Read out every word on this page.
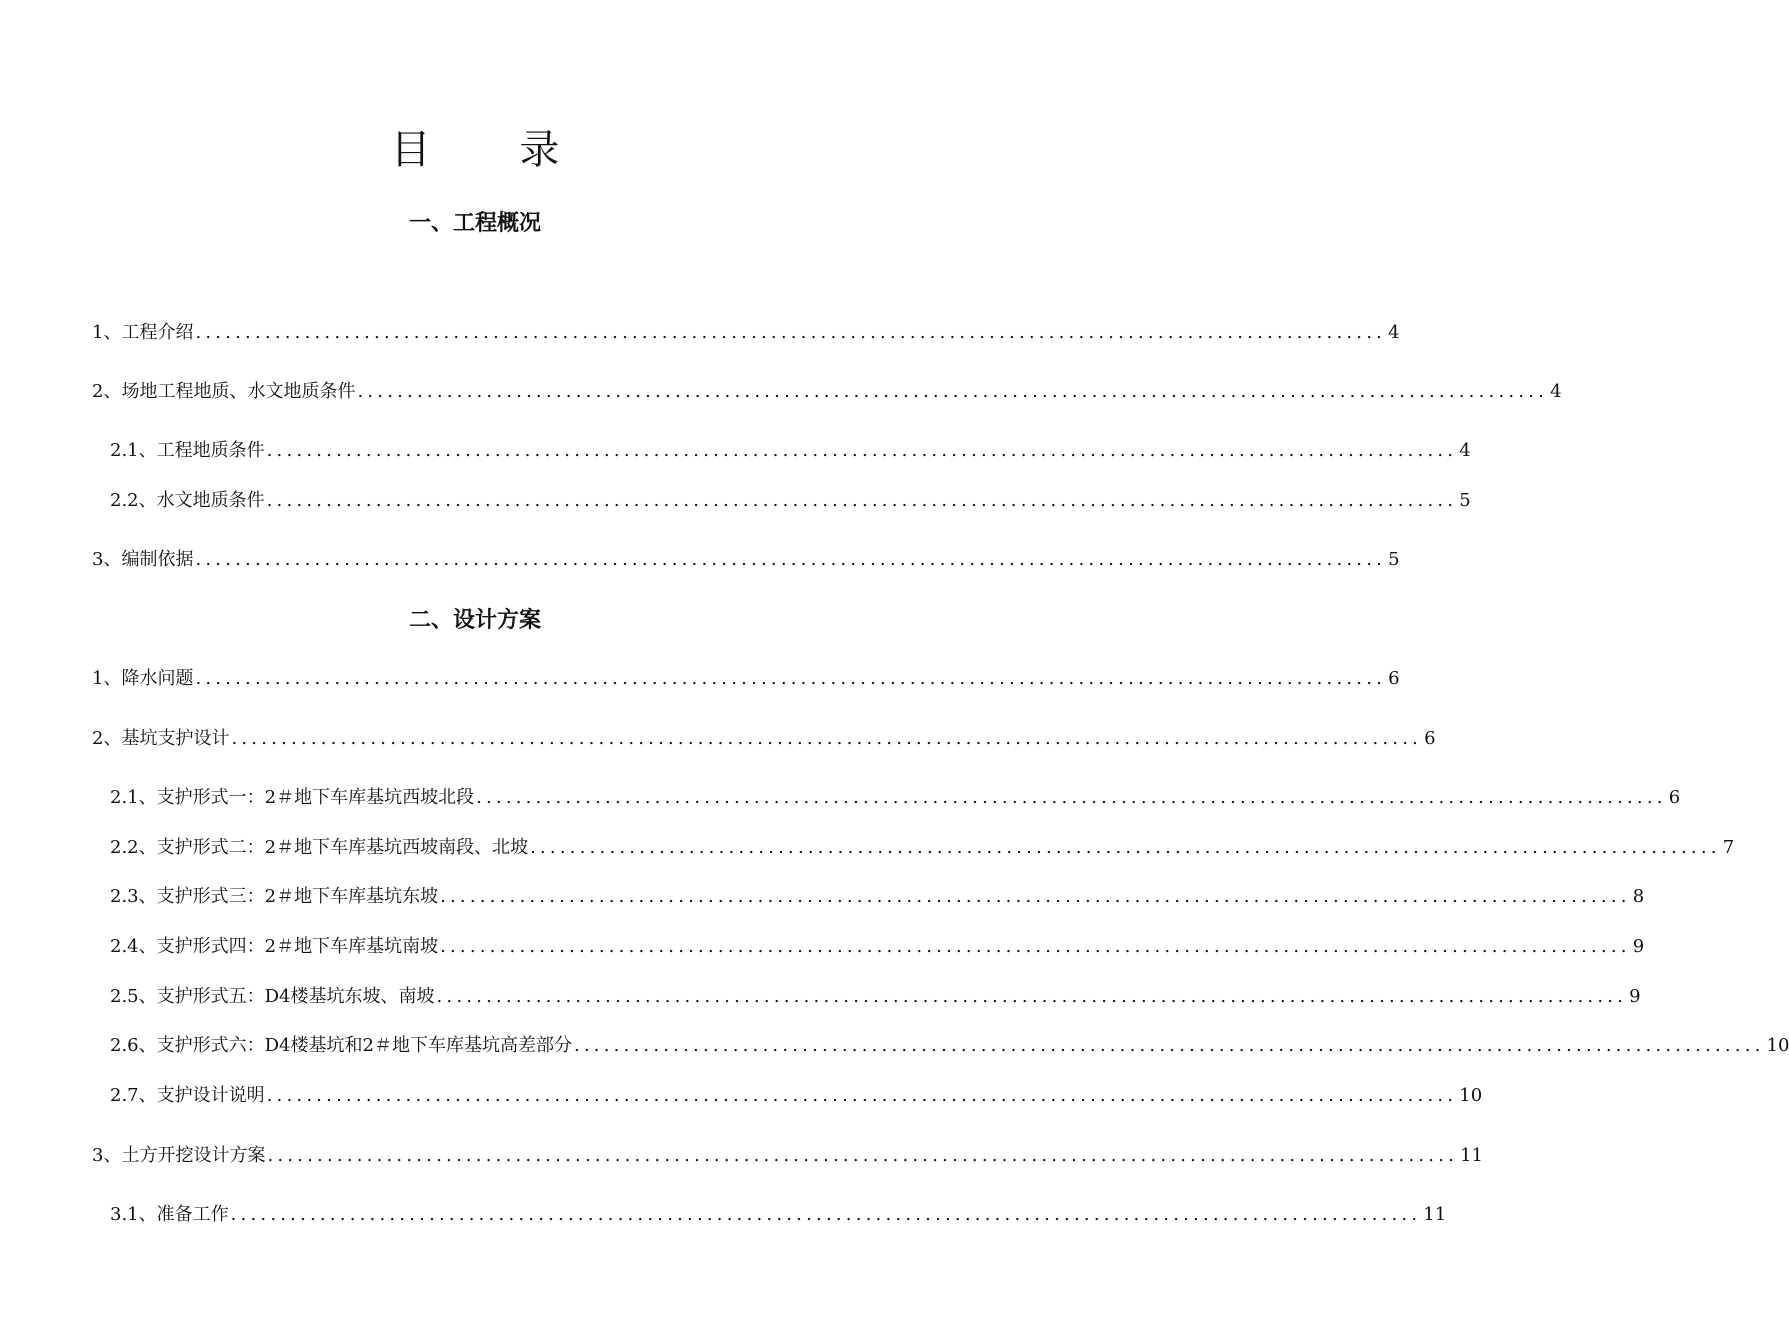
目 录
一、工程概况
1、工程介绍 ........................................................................................................................ 4
2、场地工程地质、水文地质条件 ........................................................................................................................ 4
2.1、工程地质条件 ........................................................................................................................ 4
2.2、水文地质条件 ........................................................................................................................ 5
3、编制依据 ........................................................................................................................ 5
二、设计方案
1、降水问题 ........................................................................................................................ 6
2、基坑支护设计 ........................................................................................................................ 6
2.1、支护形式一：2＃地下车库基坑西坡北段 ........................................................................................................................ 6
2.2、支护形式二：2＃地下车库基坑西坡南段、北坡 ........................................................................................................................ 7
2.3、支护形式三：2＃地下车库基坑东坡 ........................................................................................................................ 8
2.4、支护形式四：2＃地下车库基坑南坡 ........................................................................................................................ 9
2.5、支护形式五：D4楼基坑东坡、南坡 ........................................................................................................................ 9
2.6、支护形式六：D4楼基坑和2＃地下车库基坑高差部分 ........................................................................................................................ 10
2.7、支护设计说明 ........................................................................................................................ 10
3、土方开挖设计方案 ........................................................................................................................ 11
3.1、准备工作 ........................................................................................................................ 11
